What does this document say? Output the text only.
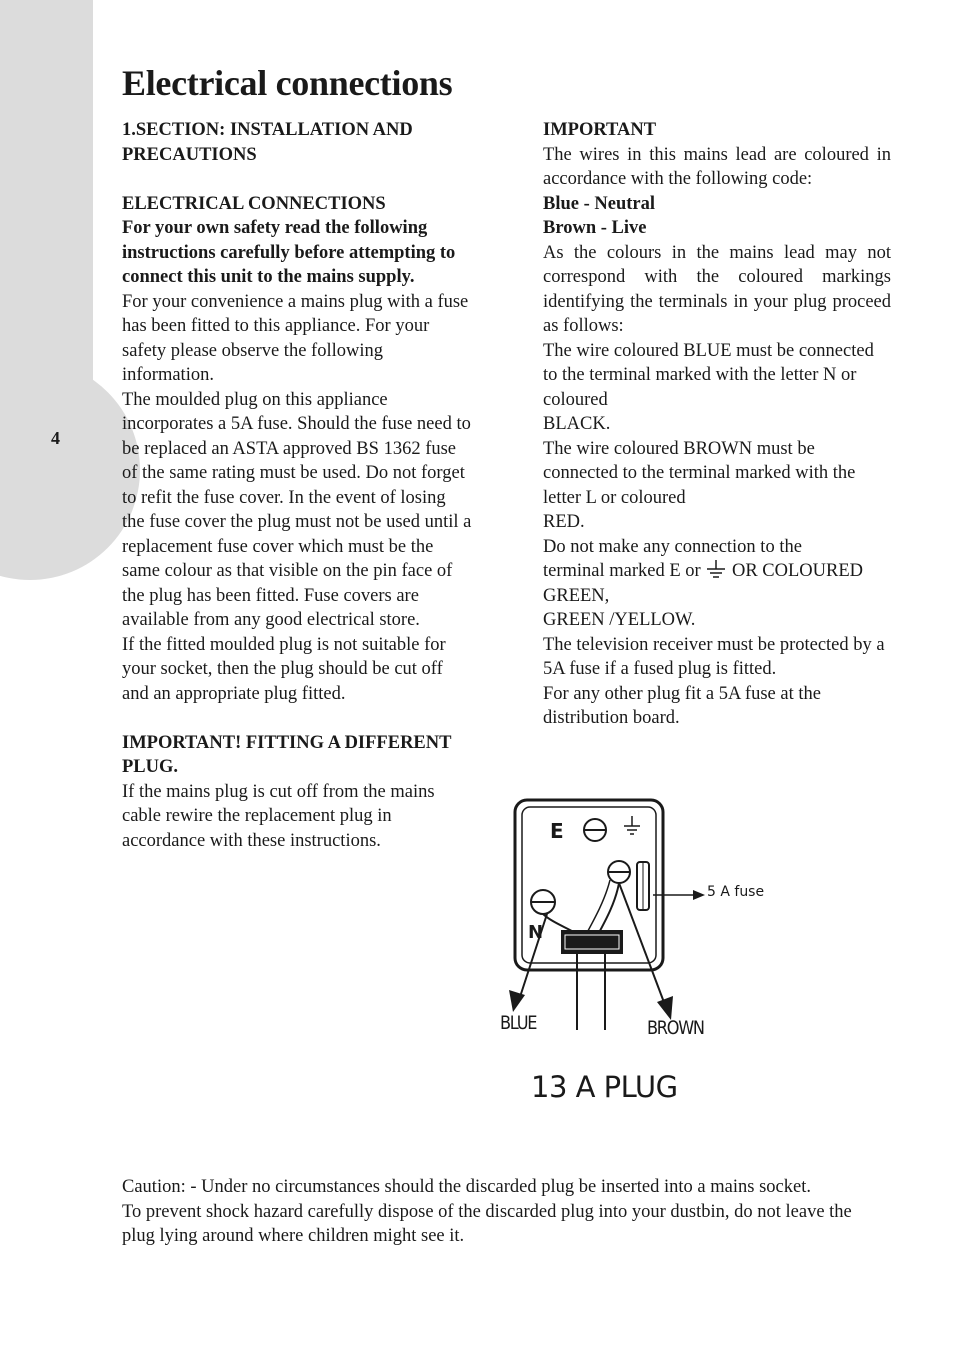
4
Electrical connections

1.SECTION: INSTALLATION AND PRECAUTIONS

ELECTRICAL CONNECTIONS

For your own safety read the following instructions carefully before attempting to connect this unit to the mains supply.

For your convenience a mains plug with a fuse has been fitted to this appliance. For your safety please observe the following information.

The moulded plug on this appliance incorporates a 5A fuse. Should the fuse need to be replaced an ASTA approved BS 1362 fuse of the same rating must be used. Do not forget to refit the fuse cover. In the event of losing the fuse cover the plug must not be used until a replacement fuse cover which must be the same colour as that visible on the pin face of the plug has been fitted. Fuse covers are available from any good electrical store.

If the fitted moulded plug is not suitable for your socket, then the plug should be cut off and an appropriate plug fitted.

IMPORTANT! FITTING A DIFFERENT PLUG.

If the mains plug is cut off from the mains cable rewire the replacement plug in accordance with these instructions.

IMPORTANT

The wires in this mains lead are coloured in accordance with the following code:

Blue - Neutral

Brown - Live

As the colours in the mains lead may not correspond with the coloured markings identifying the terminals in your plug proceed as follows:

The wire coloured BLUE must be connected to the terminal marked with the letter N or coloured

BLACK.

The wire coloured BROWN must be connected to the terminal marked with the letter L or coloured

RED.

Do not make any connection to the

terminal marked E or OR COLOURED GREEN,

GREEN /YELLOW.

The television receiver must be protected by a 5A fuse if a fused plug is fitted.

For any other plug fit a 5A fuse at the distribution board.

E
N
5 A fuse
BLUE	BROWN
13 A PLUG

Caution: - Under no circumstances should the discarded plug be inserted into a mains socket.

To prevent shock hazard carefully dispose of the discarded plug into your dustbin, do not leave the plug lying around where children might see it.
